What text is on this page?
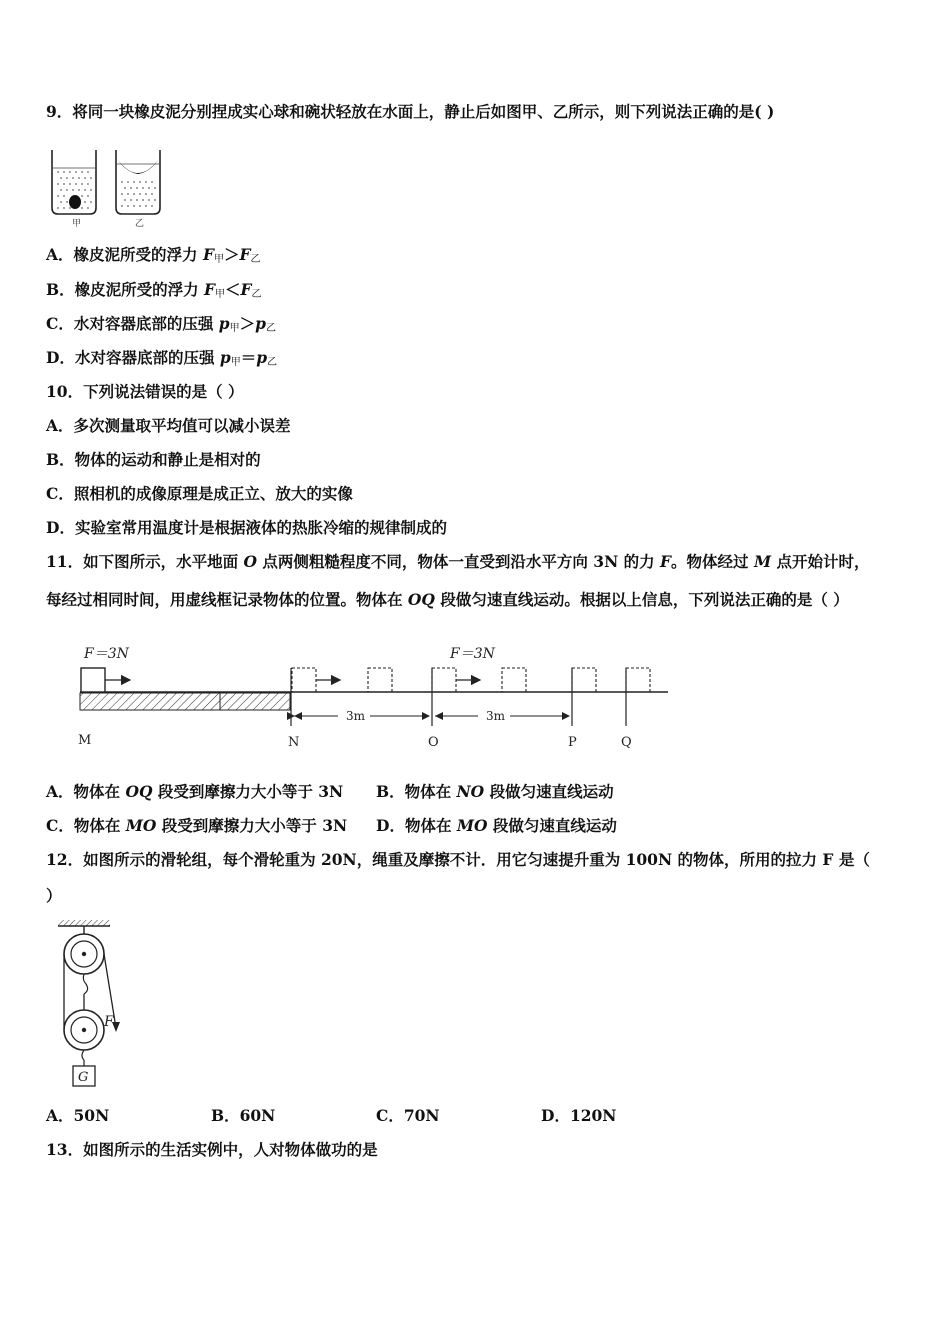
9．将同一块橡皮泥分别捏成实心球和碗状轻放在水面上，静止后如图甲、乙所示，则下列说法正确的是( )
甲	乙
A．橡皮泥所受的浮力 $F_甲>F_乙$
B．橡皮泥所受的浮力 $F_甲<F_乙$
C．水对容器底部的压强 $p_甲>p_乙$
D．水对容器底部的压强 $p_甲=p_乙$
10．下列说法错误的是（ ）
A．多次测量取平均值可以减小误差
B．物体的运动和静止是相对的
C．照相机的成像原理是成正立、放大的实像
D．实验室常用温度计是根据液体的热胀冷缩的规律制成的
11．如下图所示，水平地面 O 点两侧粗糙程度不同，物体一直受到沿水平方向 3N 的力 F。物体经过 M 点开始计时，
每经过相同时间，用虚线框记录物体的位置。物体在 OQ 段做匀速直线运动。根据以上信息，下列说法正确的是（ ）
F＝3N	F＝3N
3m	3m
M	N	O	P	Q
A．物体在 OQ 段受到摩擦力大小等于 3N B．物体在 NO 段做匀速直线运动
C．物体在 MO 段受到摩擦力大小等于 3N D．物体在 MO 段做匀速直线运动
12．如图所示的滑轮组，每个滑轮重为 20N，绳重及摩擦不计．用它匀速提升重为 100N 的物体，所用的拉力 F 是（
）
F
G
A．50N	B．60N	C．70N	D．120N
13．如图所示的生活实例中，人对物体做功的是
